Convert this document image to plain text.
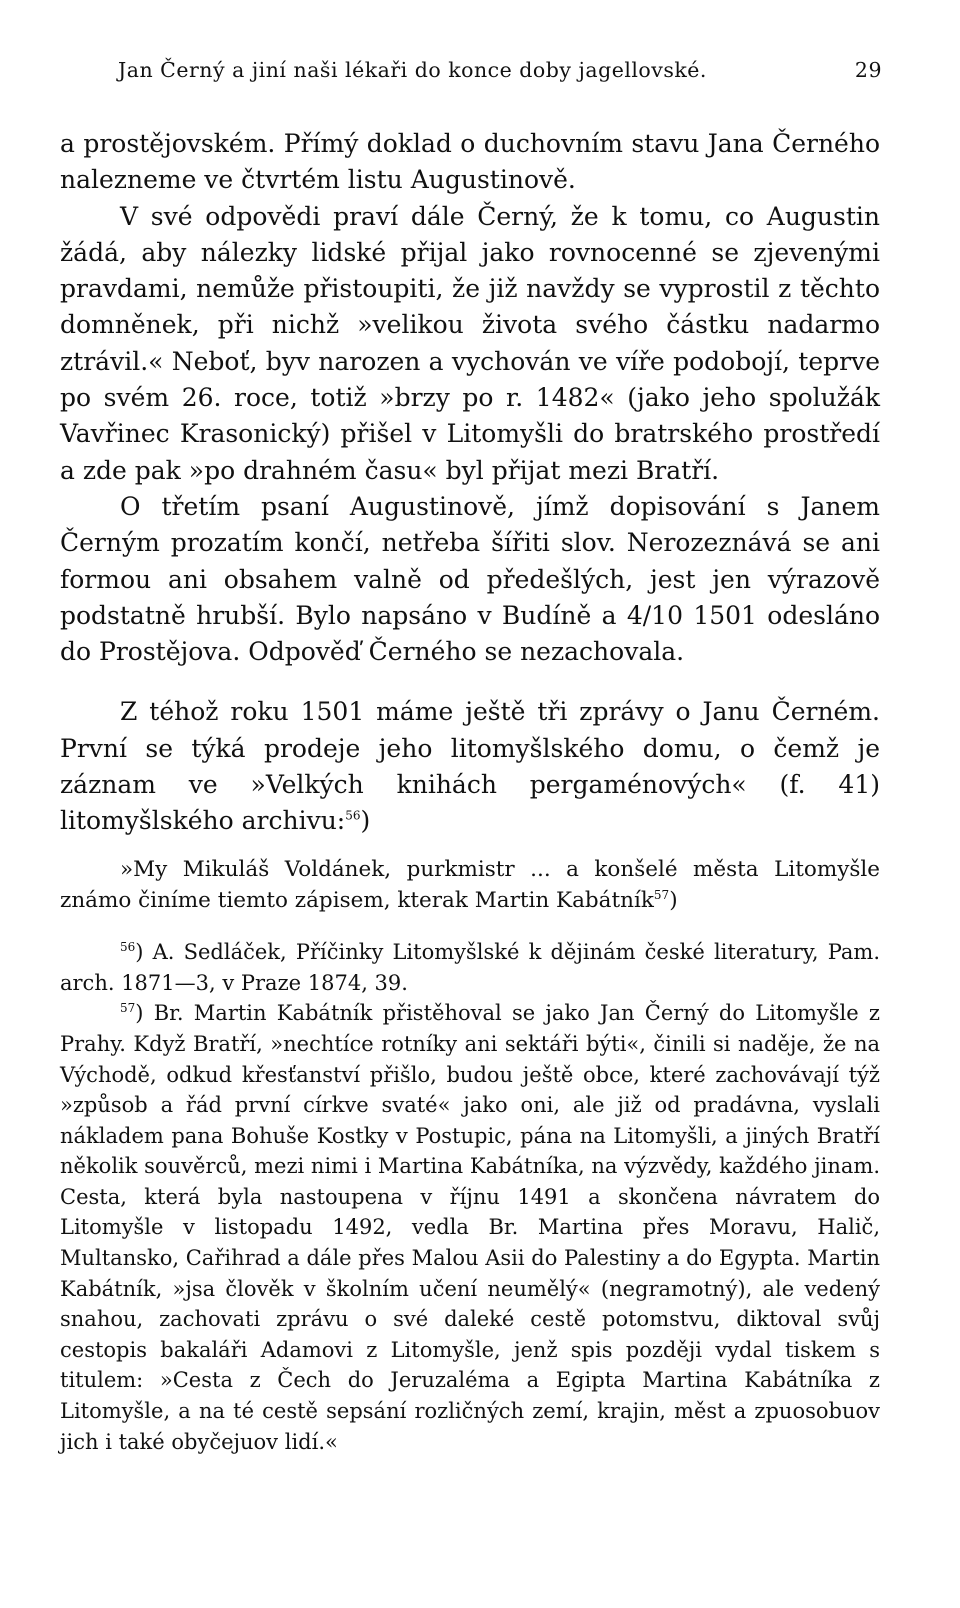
Jan Černý a jiní naši lékaři do konce doby jagellovské.	29

a prostějovském. Přímý doklad o duchovním stavu Jana Černého nalezneme ve čtvrtém listu Augustinově.

V své odpovědi praví dále Černý, že k tomu, co Augustin žádá, aby nálezky lidské přijal jako rovnocenné se zjevenými pravdami, nemůže přistoupiti, že již navždy se vyprostil z těchto domněnek, při nichž »velikou života svého částku nadarmo ztrávil.« Neboť, byv narozen a vychován ve víře podobojí, teprve po svém 26. roce, totiž »brzy po r. 1482« (jako jeho spolužák Vavřinec Krasonický) přišel v Litomyšli do bratrského prostředí a zde pak »po drahném času« byl přijat mezi Bratří.

O třetím psaní Augustinově, jímž dopisování s Janem Černým prozatím končí, netřeba šířiti slov. Nerozeznává se ani formou ani obsahem valně od předešlých, jest jen výrazově podstatně hrubší. Bylo napsáno v Budíně a 4/10 1501 odesláno do Prostějova. Odpověď Černého se nezachovala.

Z téhož roku 1501 máme ještě tři zprávy o Janu Černém. První se týká prodeje jeho litomyšlského domu, o čemž je záznam ve »Velkých knihách pergaménových« (f. 41) litomyšlského archivu:$^{56}$)

»My Mikuláš Voldánek, purkmistr ... a konšelé města Litomyšle známo činíme tiemto zápisem, kterak Martin Kabátník$^{57}$)

$^{56}$) A. Sedláček, Příčinky Litomyšlské k dějinám české literatury, Pam. arch. 1871—3, v Praze 1874, 39.

$^{57}$) Br. Martin Kabátník přistěhoval se jako Jan Černý do Litomyšle z Prahy. Když Bratří, »nechtíce rotníky ani sektáři býti«, činili si naděje, že na Východě, odkud křesťanství přišlo, budou ještě obce, které zachovávají týž »způsob a řád první církve svaté« jako oni, ale již od pradávna, vyslali nákladem pana Bohuše Kostky v Postupic, pána na Litomyšli, a jiných Bratří několik souvěrců, mezi nimi i Martina Kabátníka, na výzvědy, každého jinam. Cesta, která byla nastoupena v říjnu 1491 a skončena návratem do Litomyšle v listopadu 1492, vedla Br. Martina přes Moravu, Halič, Multansko, Cařihrad a dále přes Malou Asii do Palestiny a do Egypta. Martin Kabátník, »jsa člověk v školním učení neumělý« (negramotný), ale vedený snahou, zachovati zprávu o své daleké cestě potomstvu, diktoval svůj cestopis bakaláři Adamovi z Litomyšle, jenž spis později vydal tiskem s titulem: »Cesta z Čech do Jeruzaléma a Egipta Martina Kabátníka z Litomyšle, a na té cestě sepsání rozličných zemí, krajin, měst a zpuosobuov jich i také obyčejuov lidí.«
